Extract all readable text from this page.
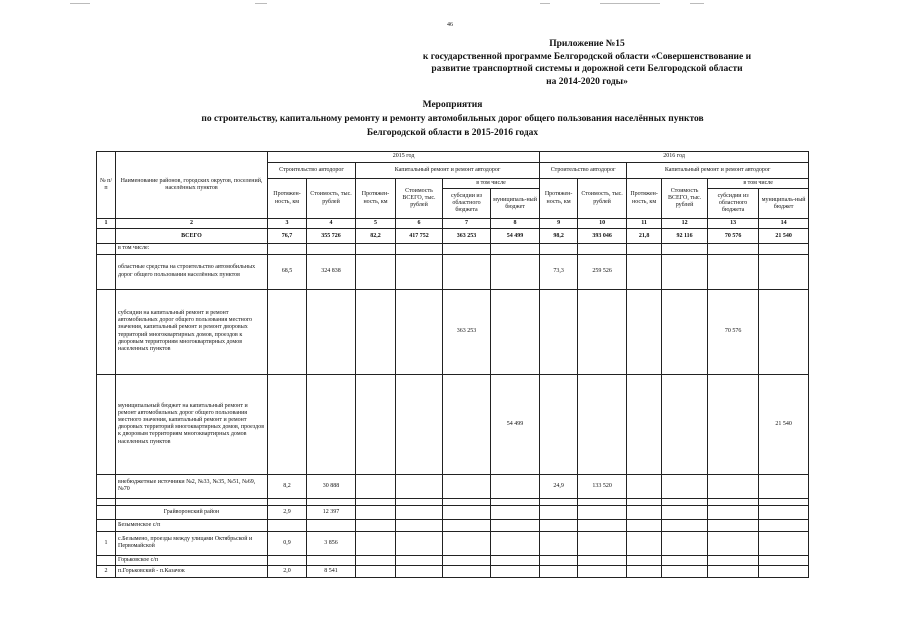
46
Приложение №15
к государственной программе Белгородской области «Совершенствование и
развитие транспортной системы и дорожной сети Белгородской области
на 2014-2020 годы»
Мероприятия
по строительству, капитальному ремонту и ремонту автомобильных дорог общего пользования населённых пунктов
Белгородской области в 2015-2016 годах
№ п/п	Наименование районов, городских округов, поселений, населённых пунктов	2015 год						2016 год					
		Строительство автодорог		Капитальный ремонт и ремонт автодорог				Строительство автодорог		Капитальный ремонт и ремонт автодорог			
		Протяжен-ность, км	Стоимость, тыс. рублей	Протяжен-ность, км	Стоимость ВСЕГО, тыс. рублей	в том числе		Протяжен-ность, км	Стоимость, тыс. рублей	Протяжен-ность, км	Стоимость ВСЕГО, тыс. рублей	в том числе	
						субсидии из областного бюджета	муниципаль-ный бюджет					субсидии из областного бюджета	муниципаль-ный бюджет
1	2	3	4	5	6	7	8	9	10	11	12	13	14
	ВСЕГО	76,7	355 726	82,2	417 752	363 253	54 499	98,2	393 046	21,8	92 116	70 576	21 540
	в том числе:												
	областные средства на строительство автомобильных дорог общего пользования населённых пунктов	68,5	324 838					73,3	259 526				
	субсидии на капитальный ремонт и ремонт автомобильных дорог общего пользования местного значения, капитальный ремонт и ремонт дворовых территорий многоквартирных домов, проездов к дворовым территориям многоквартирных домов населенных пунктов					363 253						70 576	
	муниципальный бюджет на капитальный ремонт и ремонт автомобильных дорог общего пользования местного значения, капитальный ремонт и ремонт дворовых территорий многоквартирных домов, проездов к дворовым территориям многоквартирных домов населенных пунктов						54 499						21 540
	внебюджетные источники №2, №33, №35, №51, №69, №70	8,2	30 888					24,9	133 520				

	Грайворонский район	2,9	12 397										
	Безыменское с/п												
1	с.Безымено, проезды между улицами Октябрьской и Первомайской	0,9	3 856										
	Горьковское с/п												
2	п.Горьковский - п.Казачок	2,0	8 541										
